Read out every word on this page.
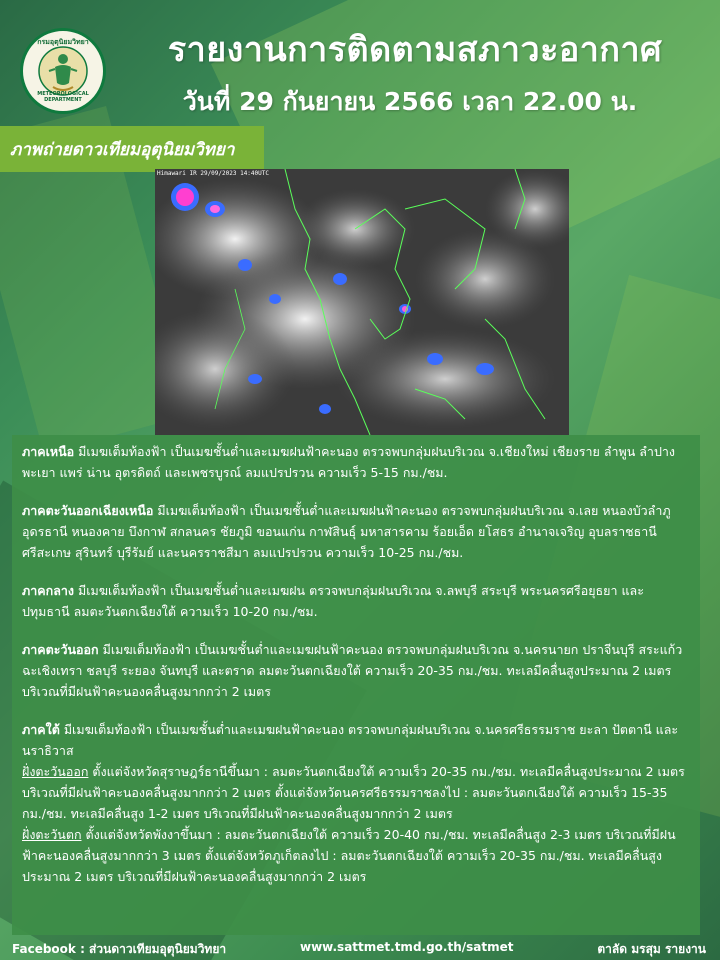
กรมอุตุนิยมวิทยา
METEOROLOGICAL DEPARTMENT
รายงานการติดตามสภาวะอากาศ
วันที่ 29 กันยายน 2566 เวลา 22.00 น.
ภาพถ่ายดาวเทียมอุตุนิยมวิทยา
Himawari IR 29/09/2023 14:40UTC

ภาคเหนือ มีเมฆเต็มท้องฟ้า เป็นเมฆชั้นต่ำและเมฆฝนฟ้าคะนอง ตรวจพบกลุ่มฝนบริเวณ จ.เชียงใหม่ เชียงราย ลำพูน ลำปาง พะเยา แพร่ น่าน อุตรดิตถ์ และเพชรบูรณ์ ลมแปรปรวน ความเร็ว 5-15 กม./ชม.

ภาคตะวันออกเฉียงเหนือ มีเมฆเต็มท้องฟ้า เป็นเมฆชั้นต่ำและเมฆฝนฟ้าคะนอง ตรวจพบกลุ่มฝนบริเวณ จ.เลย หนองบัวลำภู อุดรธานี หนองคาย บึงกาฬ สกลนคร ชัยภูมิ ขอนแก่น กาฬสินธุ์ มหาสารคาม ร้อยเอ็ด ยโสธร อำนาจเจริญ อุบลราชธานี ศรีสะเกษ สุรินทร์ บุรีรัมย์ และนครราชสีมา ลมแปรปรวน ความเร็ว 10-25 กม./ชม.

ภาคกลาง มีเมฆเต็มท้องฟ้า เป็นเมฆชั้นต่ำและเมฆฝน ตรวจพบกลุ่มฝนบริเวณ จ.ลพบุรี สระบุรี พระนครศรีอยุธยา และ ปทุมธานี ลมตะวันตกเฉียงใต้ ความเร็ว 10-20 กม./ชม.

ภาคตะวันออก มีเมฆเต็มท้องฟ้า เป็นเมฆชั้นต่ำและเมฆฝนฟ้าคะนอง ตรวจพบกลุ่มฝนบริเวณ จ.นครนายก ปราจีนบุรี สระแก้ว ฉะเชิงเทรา ชลบุรี ระยอง จันทบุรี และตราด ลมตะวันตกเฉียงใต้ ความเร็ว 20-35 กม./ชม. ทะเลมีคลื่นสูงประมาณ 2 เมตร บริเวณที่มีฝนฟ้าคะนองคลื่นสูงมากกว่า 2 เมตร

ภาคใต้ มีเมฆเต็มท้องฟ้า เป็นเมฆชั้นต่ำและเมฆฝนฟ้าคะนอง ตรวจพบกลุ่มฝนบริเวณ จ.นครศรีธรรมราช ยะลา ปัตตานี และ นราธิวาส

ฝั่งตะวันออก ตั้งแต่จังหวัดสุราษฎร์ธานีขึ้นมา : ลมตะวันตกเฉียงใต้ ความเร็ว 20-35 กม./ชม. ทะเลมีคลื่นสูงประมาณ 2 เมตร บริเวณที่มีฝนฟ้าคะนองคลื่นสูงมากกว่า 2 เมตร ตั้งแต่จังหวัดนครศรีธรรมราชลงไป : ลมตะวันตกเฉียงใต้ ความเร็ว 15-35 กม./ชม. ทะเลมีคลื่นสูง 1-2 เมตร บริเวณที่มีฝนฟ้าคะนองคลื่นสูงมากกว่า 2 เมตร

ฝั่งตะวันตก ตั้งแต่จังหวัดพังงาขึ้นมา : ลมตะวันตกเฉียงใต้ ความเร็ว 20-40 กม./ชม. ทะเลมีคลื่นสูง 2-3 เมตร บริเวณที่มีฝน ฟ้าคะนองคลื่นสูงมากกว่า 3 เมตร ตั้งแต่จังหวัดภูเก็ตลงไป : ลมตะวันตกเฉียงใต้ ความเร็ว 20-35 กม./ชม. ทะเลมีคลื่นสูง ประมาณ 2 เมตร บริเวณที่มีฝนฟ้าคะนองคลื่นสูงมากกว่า 2 เมตร

Facebook : ส่วนดาวเทียมอุตุนิยมวิทยา	www.sattmet.tmd.go.th/satmet	ตาลัด มรสุม รายงาน
